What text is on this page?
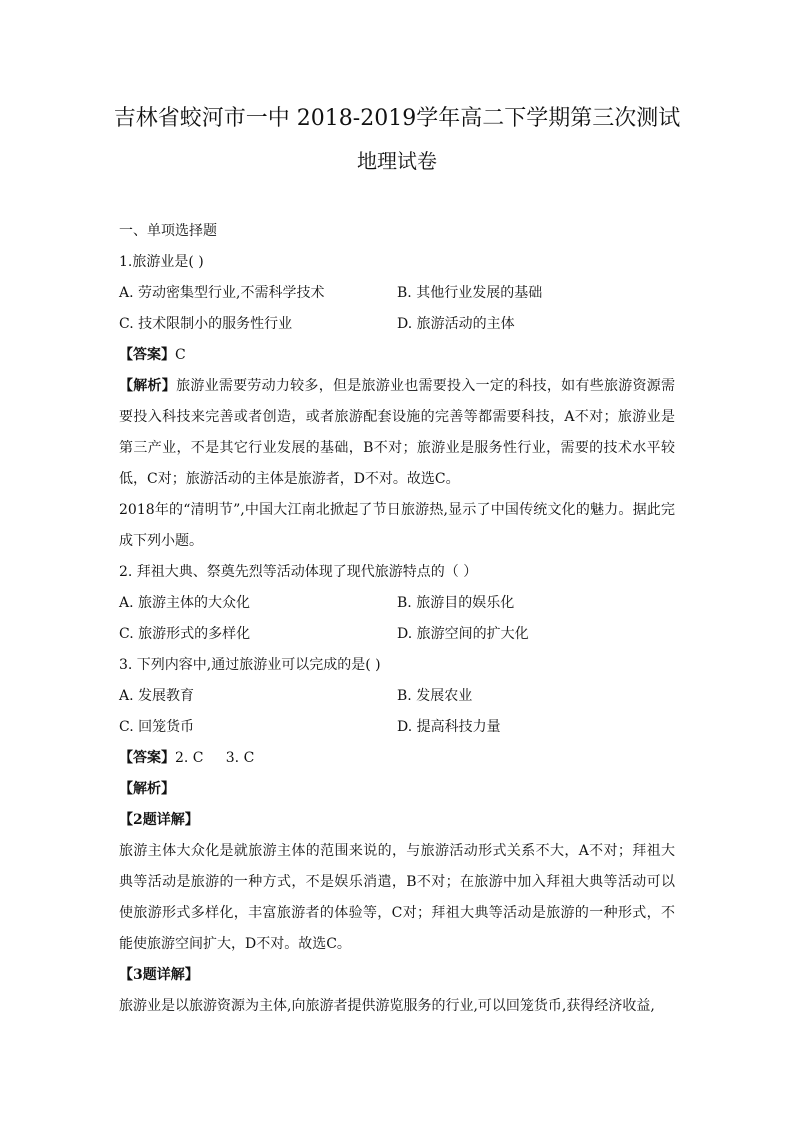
吉林省蛟河市一中 2018-2019学年高二下学期第三次测试
地理试卷
一、单项选择题
1.旅游业是( )
A. 劳动密集型行业,不需科学技术	B. 其他行业发展的基础
C. 技术限制小的服务性行业	D. 旅游活动的主体
【答案】C
【解析】旅游业需要劳动力较多，但是旅游业也需要投入一定的科技，如有些旅游资源需要投入科技来完善或者创造，或者旅游配套设施的完善等都需要科技，A不对；旅游业是第三产业，不是其它行业发展的基础，B不对；旅游业是服务性行业，需要的技术水平较低，C对；旅游活动的主体是旅游者，D不对。故选C。
2018年的“清明节”,中国大江南北掀起了节日旅游热,显示了中国传统文化的魅力。据此完成下列小题。
2. 拜祖大典、祭奠先烈等活动体现了现代旅游特点的（ ）
A. 旅游主体的大众化	B. 旅游目的娱乐化
C. 旅游形式的多样化	D. 旅游空间的扩大化
3. 下列内容中,通过旅游业可以完成的是( )
A. 发展教育	B. 发展农业
C. 回笼货币	D. 提高科技力量
【答案】2. C     3. C
【解析】
【2题详解】
旅游主体大众化是就旅游主体的范围来说的，与旅游活动形式关系不大，A不对；拜祖大典等活动是旅游的一种方式，不是娱乐消遣，B不对；在旅游中加入拜祖大典等活动可以使旅游形式多样化，丰富旅游者的体验等，C对；拜祖大典等活动是旅游的一种形式，不能使旅游空间扩大，D不对。故选C。
【3题详解】
旅游业是以旅游资源为主体,向旅游者提供游览服务的行业,可以回笼货币,获得经济收益,
